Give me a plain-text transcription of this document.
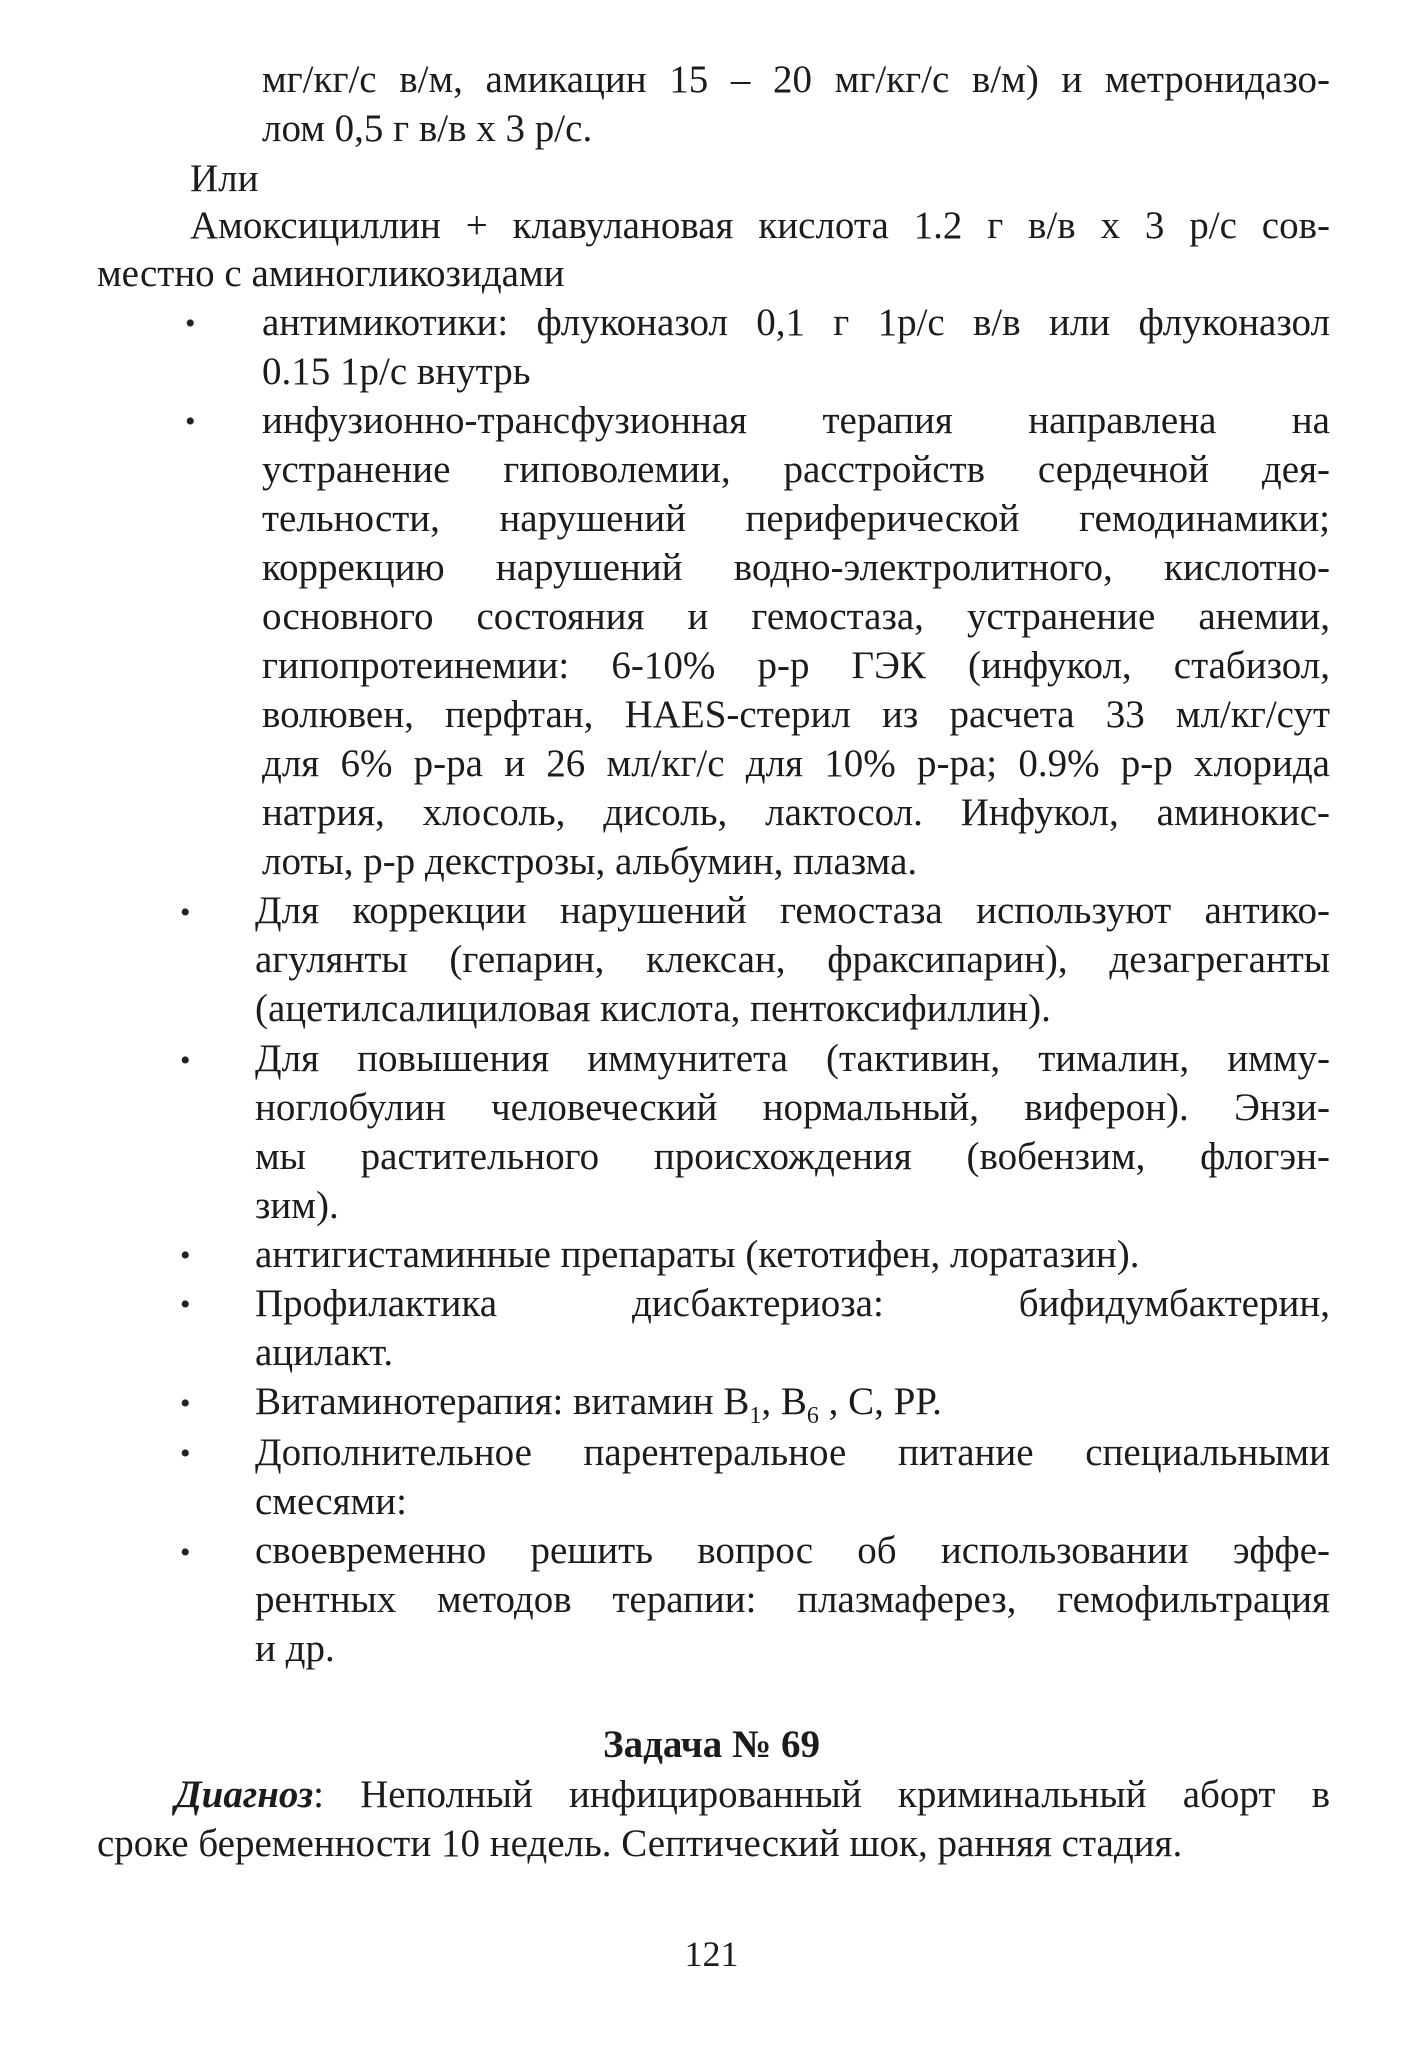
мг/кг/с в/м, амикацин 15 – 20 мг/кг/с в/м) и метронидазо-
лом 0,5 г в/в х 3 р/с.
Или
Амоксициллин + клавулановая кислота 1.2 г в/в х 3 р/с сов-
местно с аминогликозидами
• антимикотики: флуконазол 0,1 г 1р/с в/в или флуконазол
0.15 1р/с внутрь
• инфузионно-трансфузионная терапия направлена на
устранение гиповолемии, расстройств сердечной дея-
тельности, нарушений периферической гемодинамики;
коррекцию нарушений водно-электролитного, кислотно-
основного состояния и гемостаза, устранение анемии,
гипопротеинемии: 6-10% р-р ГЭК (инфукол, стабизол,
волювен, перфтан, HAES-стерил из расчета 33 мл/кг/сут
для 6% р-ра и 26 мл/кг/с для 10% р-ра; 0.9% р-р хлорида
натрия, хлосоль, дисоль, лактосол. Инфукол, аминокис-
лоты, р-р декстрозы, альбумин, плазма.
• Для коррекции нарушений гемостаза используют антико-
агулянты (гепарин, клексан, фраксипарин), дезагреганты
(ацетилсалициловая кислота, пентоксифиллин).
• Для повышения иммунитета (тактивин, тималин, иммy-
ноглобулин человеческий нормальный, виферон). Энзи-
мы растительного происхождения (вобензим, флогэн-
зим).
• антигистаминные препараты (кетотифен, лоратазин).
• Профилактика дисбактериоза: бифидумбактерин,
ацилакт.
• Витаминотерапия: витамин $В_1$, $В_6$ , С, РР.
• Дополнительное парентеральное питание специальными
смесями:
• своевременно решить вопрос об использовании эффе-
рентных методов терапии: плазмаферез, гемофильтрация
и др.
Задача № 69
Диагноз: Неполный инфицированный криминальный аборт в
сроке беременности 10 недель. Септический шок, ранняя стадия.
121
